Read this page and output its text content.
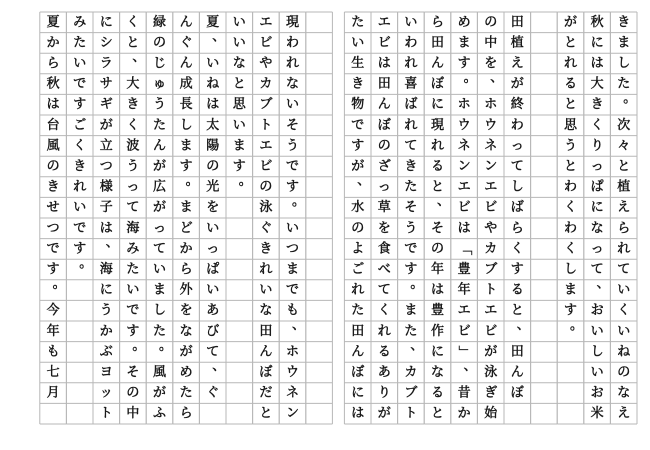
き
ま
し
た
。
次
々
と
植
え
ら
れ
て
い
く
い
ね
の
な
え
秋
に
は
大
き
く
り
っ
ぱ
に
な
っ
て
、
お
い
し
い
お
米
が
と
れ
る
と
思
う
と
わ
く
わ
く
し
ま
す
。
田
植
え
が
終
わ
っ
て
し
ば
ら
く
す
る
と
、
田
ん
ぼ
の
中
を
、
ホ
ウ
ネ
ン
エ
ビ
や
カ
ブ
ト
エ
ビ
が
泳
ぎ
始
め
ま
す
。
ホ
ウ
ネ
ン
エ
ビ
は
「
豊
年
エ
ビ
」
、
昔
か
ら
田
ん
ぼ
に
現
れ
る
と
、
そ
の
年
は
豊
作
に
な
る
と
い
わ
れ
喜
ば
れ
て
き
た
そ
う
で
す
。
ま
た
、
カ
ブ
ト
エ
ビ
は
田
ん
ぼ
の
ざ
っ
草
を
食
べ
て
く
れ
る
あ
り
が
た
い
生
き
物
で
す
が
、
水
の
よ
ご
れ
た
田
ん
ぼ
に
は
現
わ
れ
な
い
そ
う
で
す
。
い
つ
ま
で
も
、
ホ
ウ
ネ
ン
エ
ビ
や
カ
ブ
ト
エ
ビ
の
泳
ぐ
き
れ
い
な
田
ん
ぼ
だ
と
い
い
な
と
思
い
ま
す
。
夏
、
い
ね
は
太
陽
の
光
を
い
っ
ぱ
い
あ
び
て
、
ぐ
ん
ぐ
ん
成
長
し
ま
す
。
ま
ど
か
ら
外
を
な
が
め
た
ら
緑
の
じ
ゅ
う
た
ん
が
広
が
っ
て
い
ま
し
た
。
風
が
ふ
く
と
、
大
き
く
波
う
っ
て
海
み
た
い
で
す
。
そ
の
中
に
シ
ラ
サ
ギ
が
立
つ
様
子
は
、
海
に
う
か
ぶ
ヨ
ッ
ト
み
た
い
で
す
ご
く
き
れ
い
で
す
。
夏
か
ら
秋
は
台
風
の
き
せ
つ
で
す
。
今
年
も
七
月
